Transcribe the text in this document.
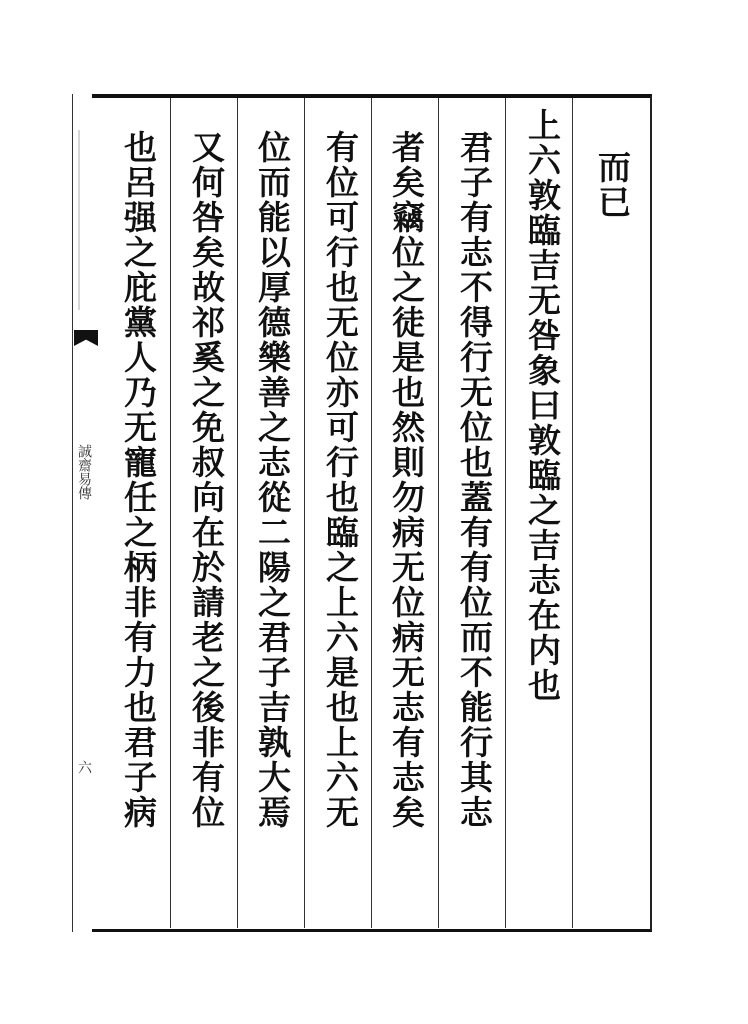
而已
上六敦臨吉无咎象曰敦臨之吉志在内也
君子有志不得行无位也蓋有有位而不能行其志
者矣竊位之徒是也然則勿病无位病无志有志矣
有位可行也无位亦可行也臨之上六是也上六无
位而能以厚德樂善之志從二陽之君子吉孰大焉
又何咎矣故祁奚之免叔向在於請老之後非有位
也呂强之庇黨人乃无寵任之柄非有力也君子病
誠齋易傳
六
